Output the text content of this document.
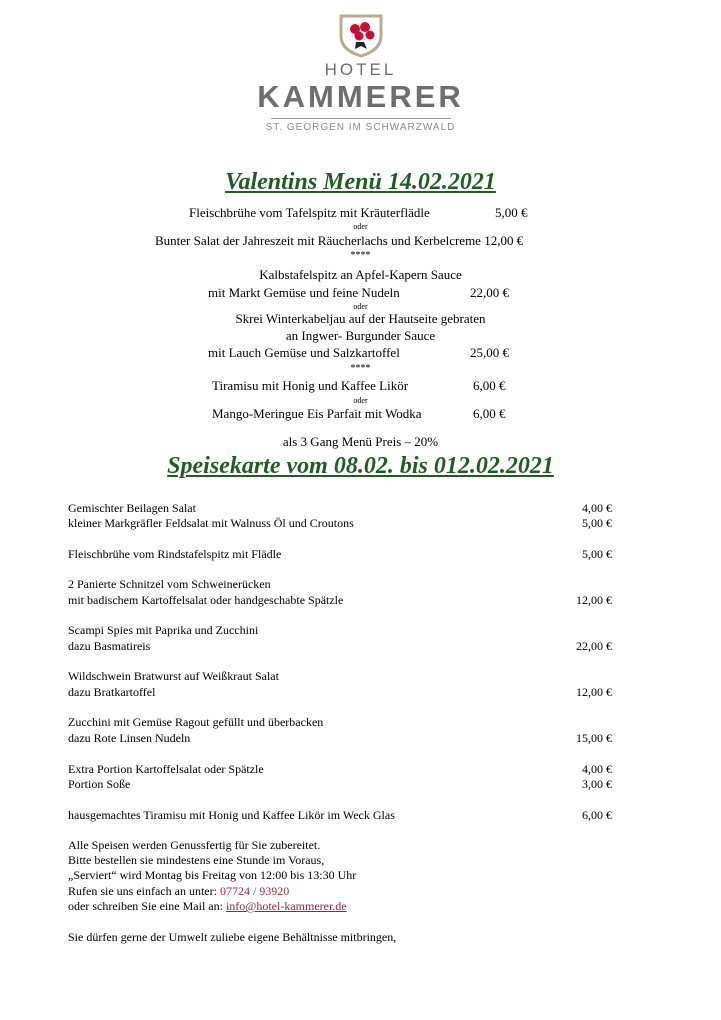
HOTEL
KAMMERER
ST. GEORGEN IM SCHWARZWALD
Valentins Menü 14.02.2021
Fleischbrühe vom Tafelspitz mit Kräuterflädle	5,00 €
oder
Bunter Salat der Jahreszeit mit Räucherlachs und Kerbelcreme 12,00 €
****
Kalbstafelspitz an Apfel-Kapern Sauce
mit Markt Gemüse und feine Nudeln	22,00 €
oder
Skrei Winterkabeljau auf der Hautseite gebraten
an Ingwer- Burgunder Sauce
mit Lauch Gemüse und Salzkartoffel	25,00 €
****
Tiramisu mit Honig und Kaffee Likör	6,00 €
oder
Mango-Meringue Eis Parfait mit Wodka	6,00 €
als 3 Gang Menü Preis – 20%
Speisekarte vom 08.02. bis 012.02.2021
Gemischter Beilagen Salat	4,00 €
kleiner Markgräfler Feldsalat mit Walnuss Öl und Croutons	5,00 €
Fleischbrühe vom Rindstafelspitz mit Flädle	5,00 €
2 Panierte Schnitzel vom Schweinerücken
mit badischem Kartoffelsalat oder handgeschabte Spätzle	12,00 €
Scampi Spies mit Paprika und Zucchini
dazu Basmatireis	22,00 €
Wildschwein Bratwurst auf Weißkraut Salat
dazu Bratkartoffel	12,00 €
Zucchini mit Gemüse Ragout gefüllt und überbacken
dazu Rote Linsen Nudeln	15,00 €
Extra Portion Kartoffelsalat oder Spätzle	4,00 €
Portion Soße	3,00 €
hausgemachtes Tiramisu mit Honig und Kaffee Likör im Weck Glas	6,00 €
Alle Speisen werden Genussfertig für Sie zubereitet.
Bitte bestellen sie mindestens eine Stunde im Voraus,
„Serviert“ wird Montag bis Freitag von 12:00 bis 13:30 Uhr
Rufen sie uns einfach an unter: 07724 / 93920
oder schreiben Sie eine Mail an: info@hotel-kammerer.de
Sie dürfen gerne der Umwelt zuliebe eigene Behältnisse mitbringen,
